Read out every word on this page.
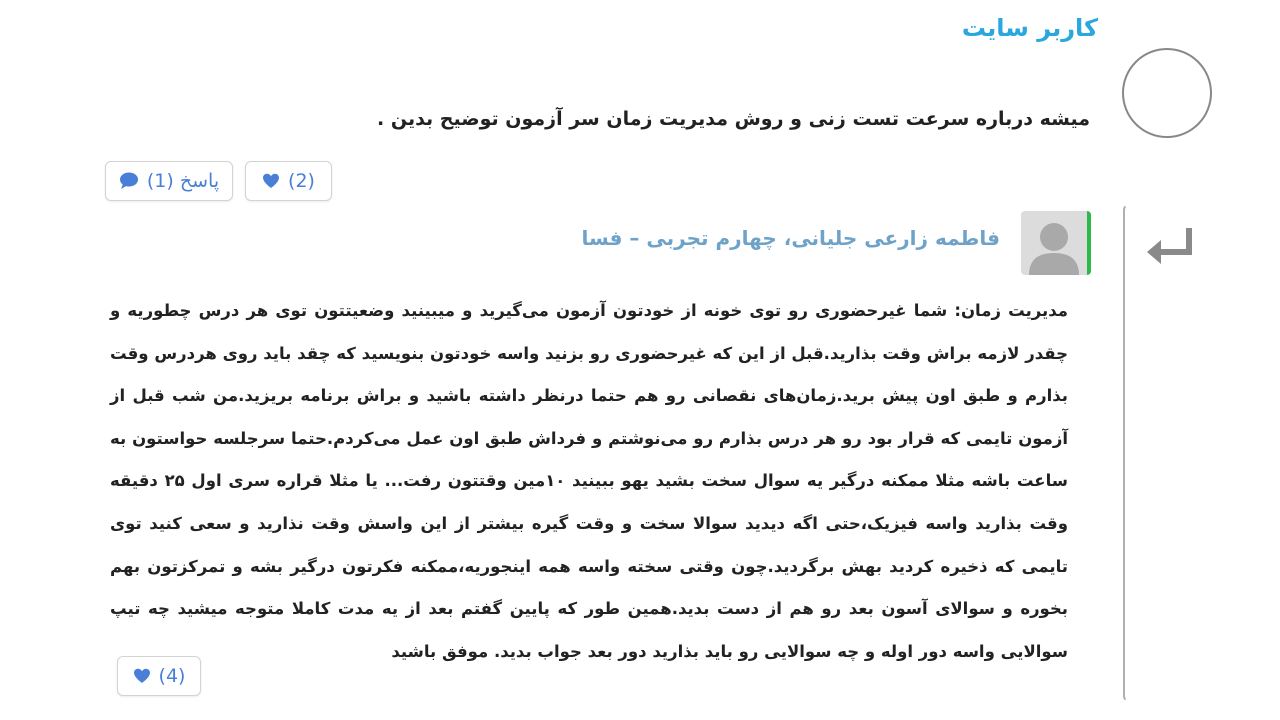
کاربر سایت
میشه درباره سرعت تست زنی و روش مدیریت زمان سر آزمون توضیح بدین .
پاسخ (1)	(2)
فاطمه زارعی جلیانی، چهارم تجربی – فسا
مدیریت زمان: شما غیرحضوری رو توی خونه از خودتون آزمون می‌گیرید و میبینید وضعیتتون توی هر درس چطوریه و چقدر لازمه براش وقت بذارید.قبل از این که غیرحضوری رو بزنید واسه خودتون بنویسید که چقد باید روی هردرس وقت بذارم و طبق اون پیش برید.زمان‌های نقصانی رو هم حتما درنظر داشته باشید و براش برنامه بریزید.من شب قبل از آزمون تایمی که قرار بود رو هر درس بذارم رو می‌نوشتم و فرداش طبق اون عمل می‌کردم.حتما سرجلسه حواستون به ساعت باشه مثلا ممکنه درگیر یه سوال سخت بشید یهو ببینید ۱۰مین وقتتون رفت... یا مثلا قراره سری اول ۲۵ دقیقه وقت بذارید واسه فیزیک،حتی اگه دیدید سوالا سخت و وقت گیره بیشتر از این واسش وقت نذارید و سعی کنید توی تایمی که ذخیره کردید بهش برگردید.چون وقتی سخته واسه همه اینجوریه،ممکنه فکرتون درگیر بشه و تمرکزتون بهم بخوره و سوالای آسون بعد رو هم از دست بدید.همین طور که پایین گفتم بعد از یه مدت کاملا متوجه میشید چه تیپ سوالایی واسه دور اوله و چه سوالایی رو باید بذارید دور بعد جواب بدید. موفق باشید
(4)
